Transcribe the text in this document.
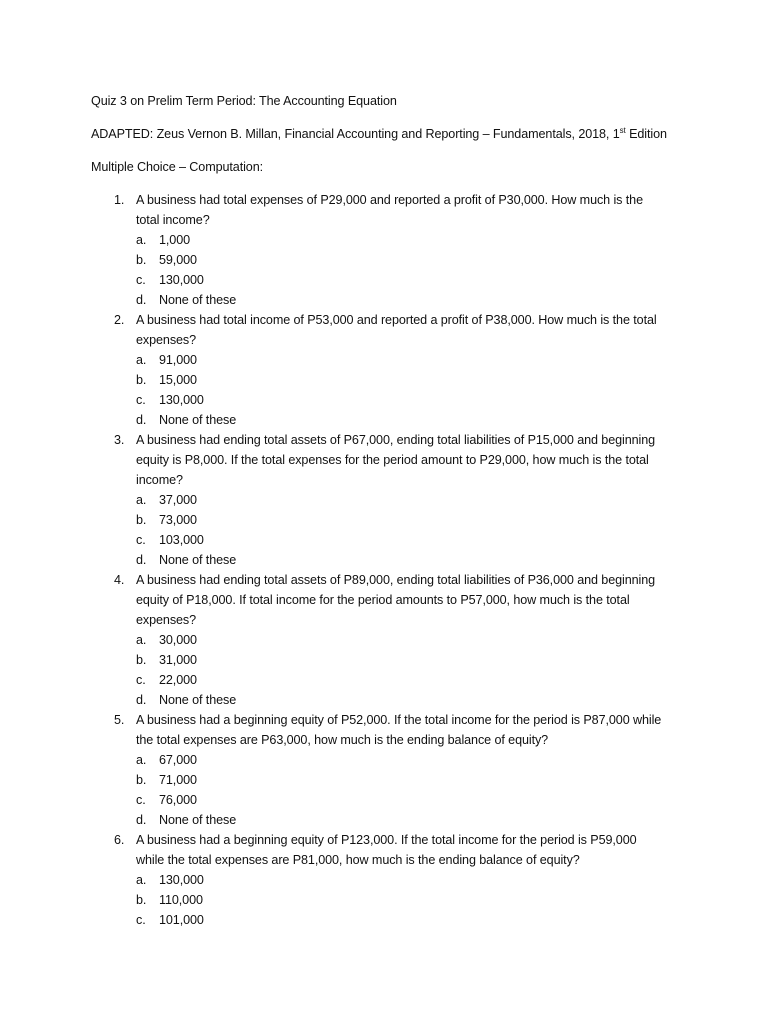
Quiz 3 on Prelim Term Period: The Accounting Equation
ADAPTED: Zeus Vernon B. Millan, Financial Accounting and Reporting – Fundamentals, 2018, 1st Edition
Multiple Choice – Computation:
1. A business had total expenses of P29,000 and reported a profit of P30,000. How much is the total income?
a. 1,000
b. 59,000
c. 130,000
d. None of these
2. A business had total income of P53,000 and reported a profit of P38,000. How much is the total expenses?
a. 91,000
b. 15,000
c. 130,000
d. None of these
3. A business had ending total assets of P67,000, ending total liabilities of P15,000 and beginning equity is P8,000. If the total expenses for the period amount to P29,000, how much is the total income?
a. 37,000
b. 73,000
c. 103,000
d. None of these
4. A business had ending total assets of P89,000, ending total liabilities of P36,000 and beginning equity of P18,000. If total income for the period amounts to P57,000, how much is the total expenses?
a. 30,000
b. 31,000
c. 22,000
d. None of these
5. A business had a beginning equity of P52,000. If the total income for the period is P87,000 while the total expenses are P63,000, how much is the ending balance of equity?
a. 67,000
b. 71,000
c. 76,000
d. None of these
6. A business had a beginning equity of P123,000. If the total income for the period is P59,000 while the total expenses are P81,000, how much is the ending balance of equity?
a. 130,000
b. 110,000
c. 101,000
